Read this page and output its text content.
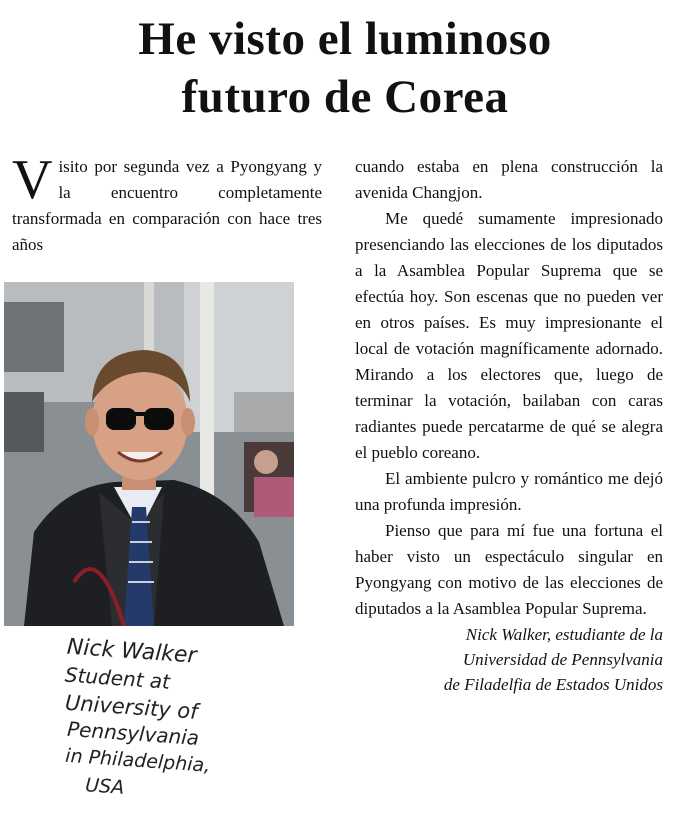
He visto el luminoso
futuro de Corea

Visito por segunda vez a Pyongyang y la encuentro completamente transformada en comparación con hace tres años

Nick Walker
Student at
University of
Pennsylvania
in Philadelphia,
USA

cuando estaba en plena construcción la avenida Changjon.

Me quedé sumamente impresionado presenciando las elecciones de los diputados a la Asamblea Popular Suprema que se efectúa hoy. Son escenas que no pueden ver en otros países. Es muy impresionante el local de votación magníficamente adornado. Mirando a los electores que, luego de terminar la votación, bailaban con caras radiantes puede percatarme de qué se alegra el pueblo coreano.

El ambiente pulcro y romántico me dejó una profunda impresión.

Pienso que para mí fue una fortuna el haber visto un espectáculo singular en Pyongyang con motivo de las elecciones de diputados a la Asamblea Popular Suprema.

Nick Walker, estudiante de la
Universidad de Pennsylvania
de Filadelfia de Estados Unidos
